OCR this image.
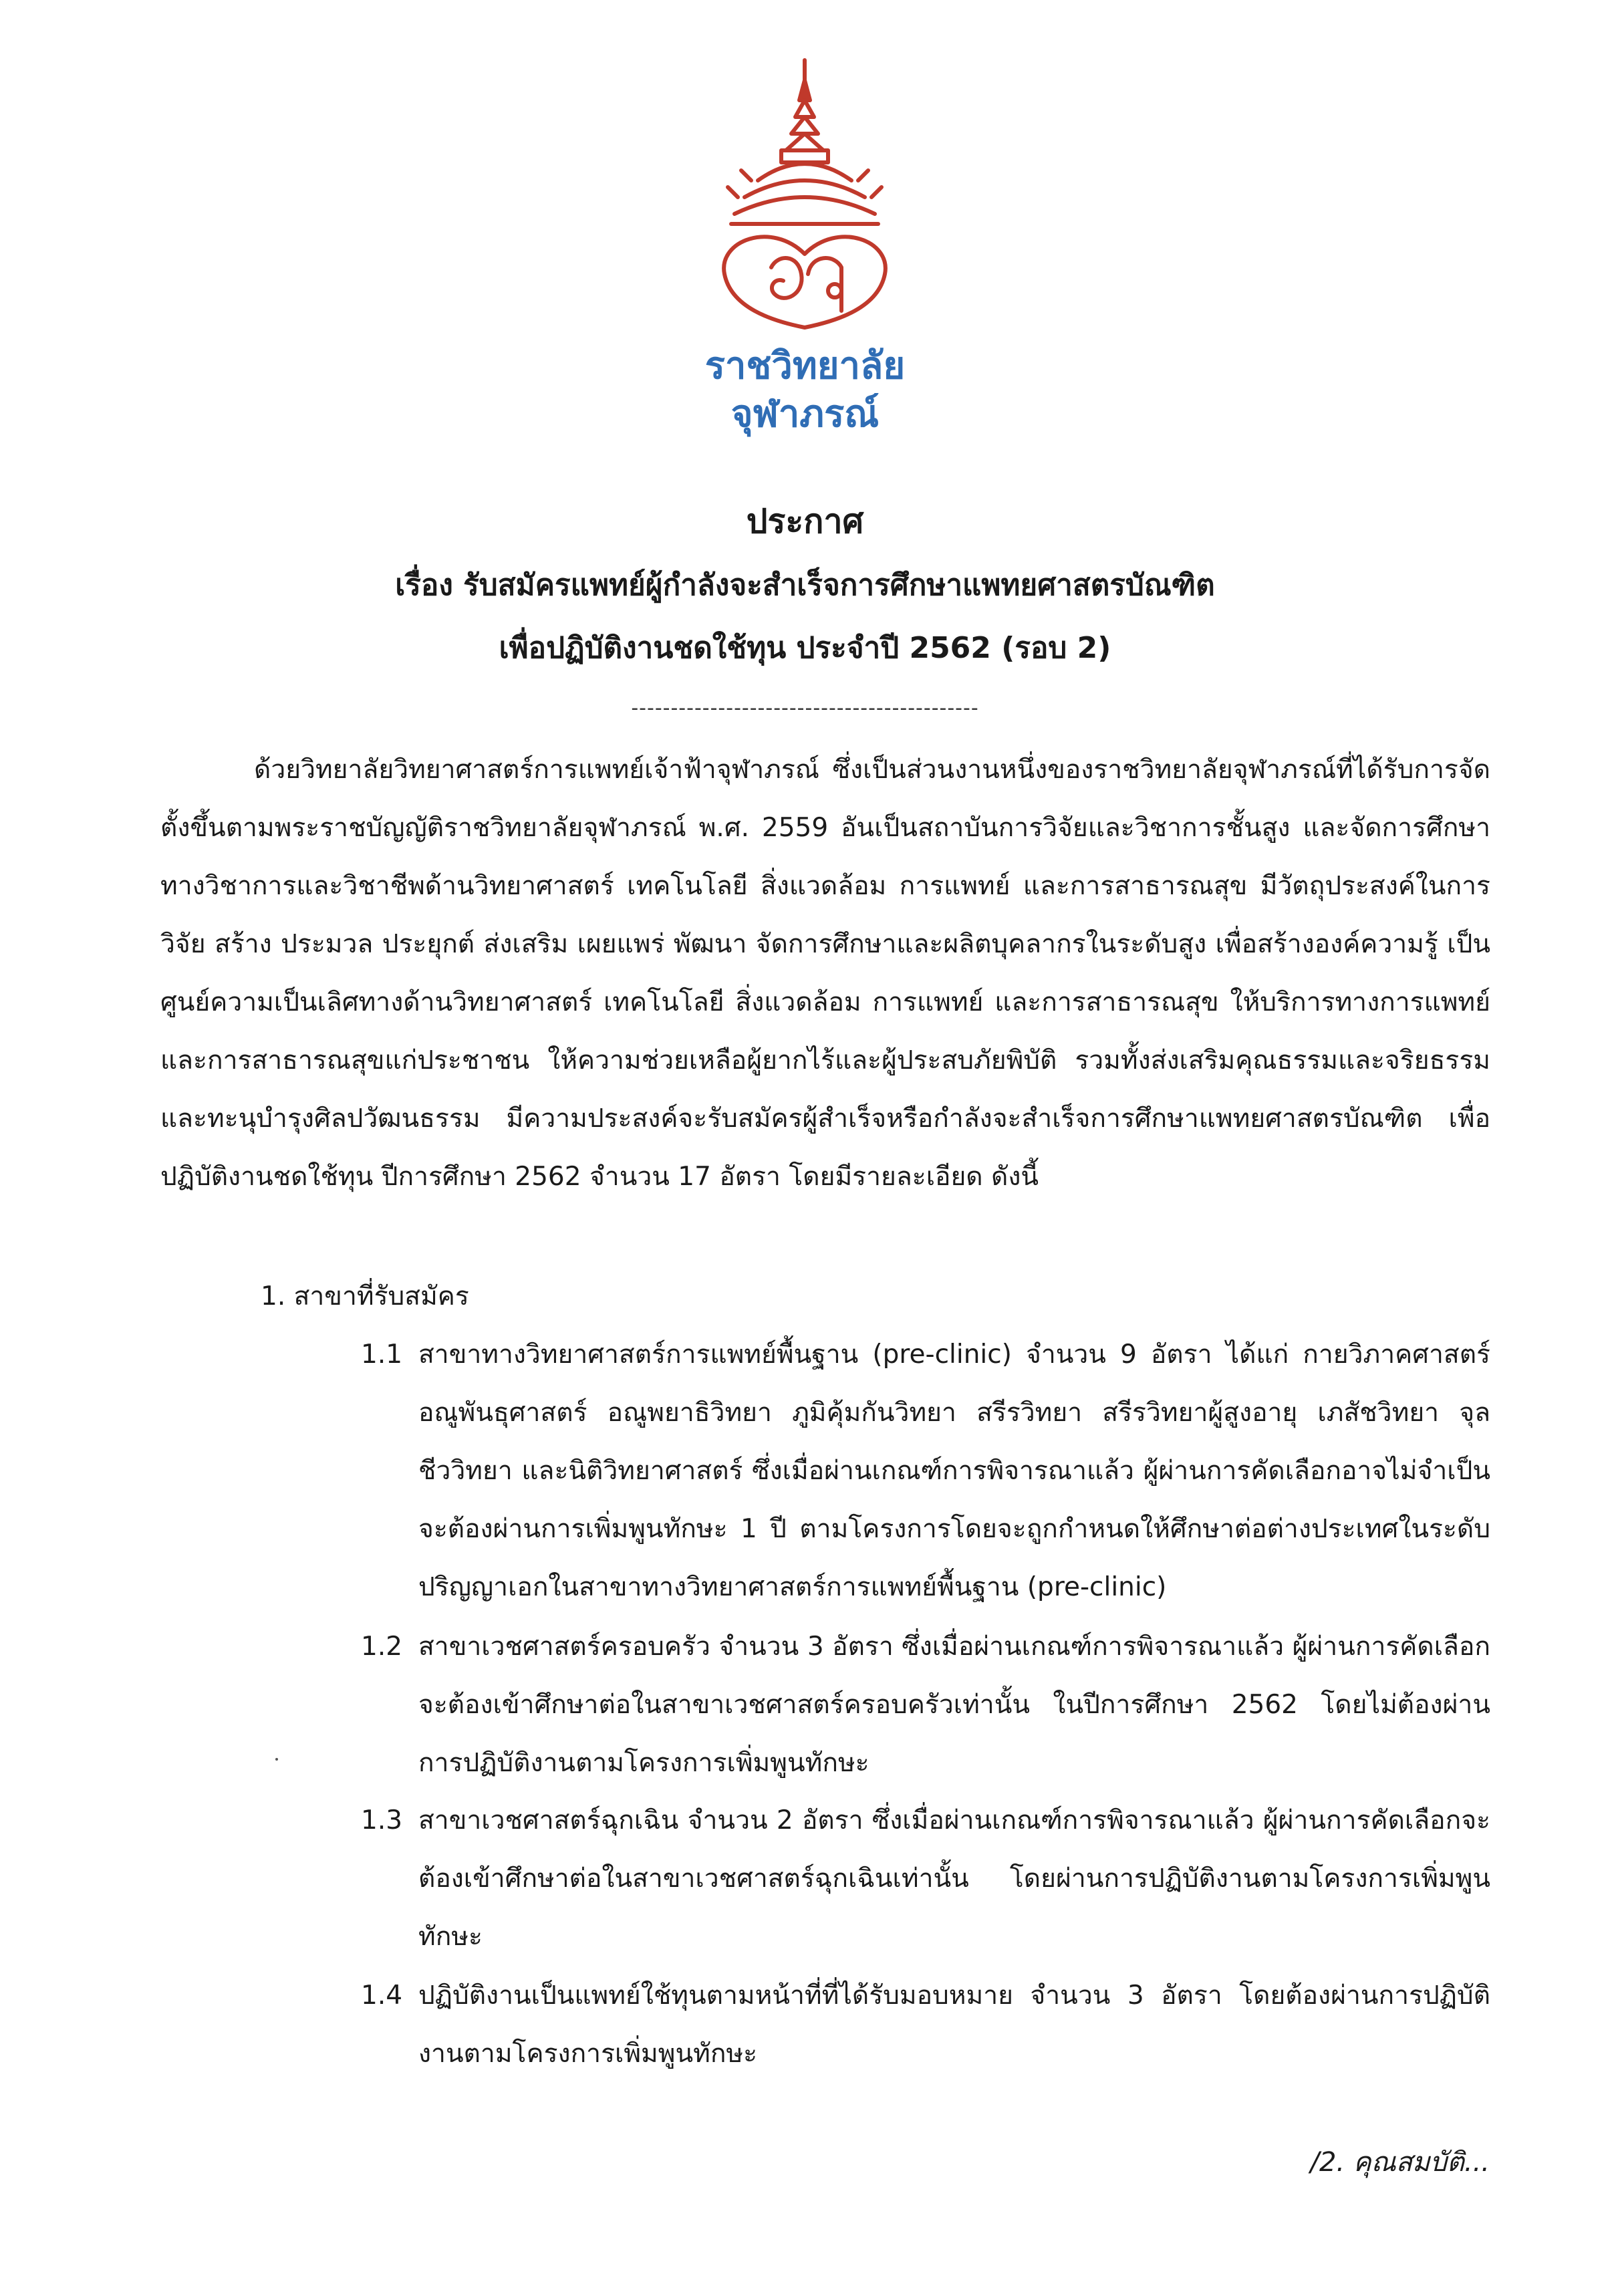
ราชวิทยาลัย
จุฬาภรณ์
ประกาศ
เรื่อง รับสมัครแพทย์ผู้กำลังจะสำเร็จการศึกษาแพทยศาสตรบัณฑิต
เพื่อปฏิบัติงานชดใช้ทุน ประจำปี 2562 (รอบ 2)
--------------------------------------------

ด้วยวิทยาลัยวิทยาศาสตร์การแพทย์เจ้าฟ้าจุฬาภรณ์ ซึ่งเป็นส่วนงานหนึ่งของราชวิทยาลัยจุฬาภรณ์ที่ได้รับการจัดตั้งขึ้นตามพระราชบัญญัติราชวิทยาลัยจุฬาภรณ์ พ.ศ. 2559 อันเป็นสถาบันการวิจัยและวิชาการชั้นสูง และจัดการศึกษาทางวิชาการและวิชาชีพด้านวิทยาศาสตร์ เทคโนโลยี สิ่งแวดล้อม การแพทย์ และการสาธารณสุข มีวัตถุประสงค์ในการวิจัย สร้าง ประมวล ประยุกต์ ส่งเสริม เผยแพร่ พัฒนา จัดการศึกษาและผลิตบุคลากรในระดับสูง เพื่อสร้างองค์ความรู้ เป็นศูนย์ความเป็นเลิศทางด้านวิทยาศาสตร์ เทคโนโลยี สิ่งแวดล้อม การแพทย์ และการสาธารณสุข ให้บริการทางการแพทย์และการสาธารณสุขแก่ประชาชน ให้ความช่วยเหลือผู้ยากไร้และผู้ประสบภัยพิบัติ รวมทั้งส่งเสริมคุณธรรมและจริยธรรม และทะนุบำรุงศิลปวัฒนธรรม มีความประสงค์จะรับสมัครผู้สำเร็จหรือกำลังจะสำเร็จการศึกษาแพทยศาสตรบัณฑิต เพื่อปฏิบัติงานชดใช้ทุน ปีการศึกษา 2562 จำนวน 17 อัตรา โดยมีรายละเอียด ดังนี้

1. สาขาที่รับสมัคร
1.1 สาขาทางวิทยาศาสตร์การแพทย์พื้นฐาน (pre-clinic) จำนวน 9 อัตรา ได้แก่ กายวิภาคศาสตร์ อณูพันธุศาสตร์ อณูพยาธิวิทยา ภูมิคุ้มกันวิทยา สรีรวิทยา สรีรวิทยาผู้สูงอายุ เภสัชวิทยา จุลชีววิทยา และนิติวิทยาศาสตร์ ซึ่งเมื่อผ่านเกณฑ์การพิจารณาแล้ว ผู้ผ่านการคัดเลือกอาจไม่จำเป็นจะต้องผ่านการเพิ่มพูนทักษะ 1 ปี ตามโครงการโดยจะถูกกำหนดให้ศึกษาต่อต่างประเทศในระดับปริญญาเอกในสาขาทางวิทยาศาสตร์การแพทย์พื้นฐาน (pre-clinic)
1.2 สาขาเวชศาสตร์ครอบครัว จำนวน 3 อัตรา ซึ่งเมื่อผ่านเกณฑ์การพิจารณาแล้ว ผู้ผ่านการคัดเลือกจะต้องเข้าศึกษาต่อในสาขาเวชศาสตร์ครอบครัวเท่านั้น ในปีการศึกษา 2562 โดยไม่ต้องผ่านการปฏิบัติงานตามโครงการเพิ่มพูนทักษะ
1.3 สาขาเวชศาสตร์ฉุกเฉิน จำนวน 2 อัตรา ซึ่งเมื่อผ่านเกณฑ์การพิจารณาแล้ว ผู้ผ่านการคัดเลือกจะต้องเข้าศึกษาต่อในสาขาเวชศาสตร์ฉุกเฉินเท่านั้น โดยผ่านการปฏิบัติงานตามโครงการเพิ่มพูนทักษะ
1.4 ปฏิบัติงานเป็นแพทย์ใช้ทุนตามหน้าที่ที่ได้รับมอบหมาย จำนวน 3 อัตรา โดยต้องผ่านการปฏิบัติงานตามโครงการเพิ่มพูนทักษะ
/2. คุณสมบัติ...
